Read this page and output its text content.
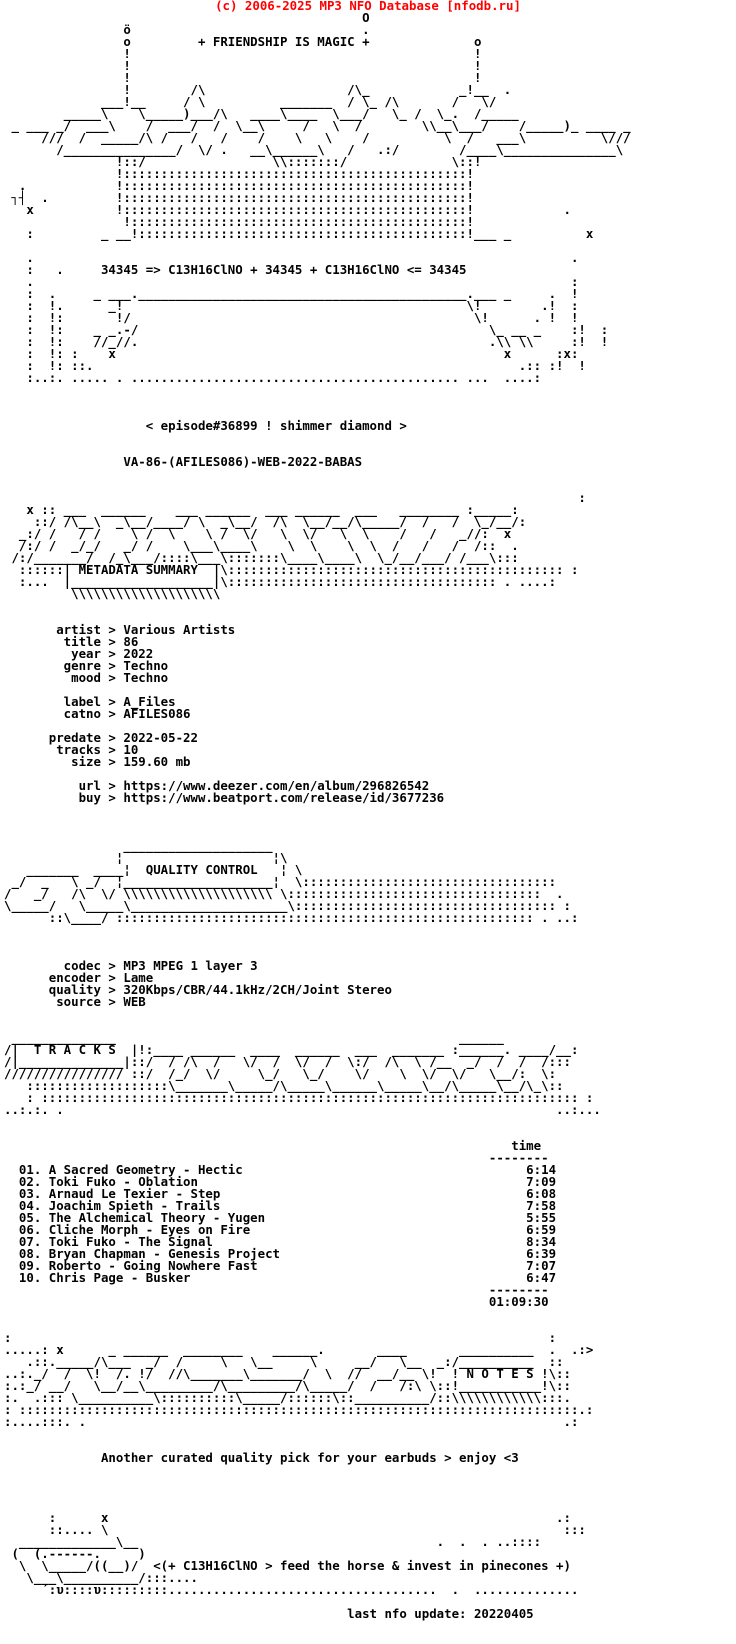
(c) 2006-2025 MP3 NFO Database [nfodb.ru]
O
ö                               .
o         + FRIENDSHIP IS MAGIC +              o
!                                              !
!                                              !
!                                              !
!        /\                   /\_            _!__  .
___!__     / \          _______  / \_ /\       /   \/
_____\    \_____)___/\   ____\____  \___/   \_ /  \_.  /_____
_ ___ _/  ___\    /  ___/  /  \__\     /   \  /        \\__\___/    /_____)_ ____ _
///  /  _____/\ /   /   /    /    \   \    /          \  /   ___\          \///
/_______________/  \/ .   __\______\   /   .:/        /____\_______________\
!::/                 \\:::::::/              \::!
!::::::::::::::::::::::::::::::::::::::::::::::!
.            !::::::::::::::::::::::::::::::::::::::::::::::!
┐┤  .         !::::::::::::::::::::::::::::::::::::::::::::::!
x           !::::::::::::::::::::::::::::::::::::::::::::::!            .
!:::::::::::::::::::::::::::::::::::::::::::::!
:         _ __!::::::::::::::::::::::::::::::::::::::::::::!___ _          x

.                                                                        .
:   .     34345 => C13H16ClNO + 34345 + C13H16ClNO <= 34345
.                                                                        :
:  .     _ ___.____________________________________________.___ _     .  !
:  !.      _!                                              \!        .!  :
:  !:       !/                                              \!      . !  !
:  !:    _ _.-/                                               \_ __ _    :!  :
:  !:    //_//.                                               .\\ \\     :!  !
:  !: :    x                                                    x      :x:
:  !: ::.                                                         .:: :!  !
:..:. ..... . ............................................ ...  ....:

< episode#36899 ! shimmer diamond >

VA-86-(AFILES086)-WEB-2022-BABAS

:
x :: ___  ______    ___ ______  ___ ______  ___   ________ :_____:
::/ /\__\  _\__/____/ \  _\__/  /\  \__/__/\_____/  /   /  \_/__/:
_:/ /   / /    \ /  \    \ /  \/   \  \/   \  \    /   /   _//:  x
/:/ /  _/_/   _/ /    \___\____\    \  \    \  \  /   /   /  /::  .
/:/_______/  /_\___/::::\___\:::::::\____\____\  \_/__/___/ /___\:::
::::::| METADATA SUMMARY  |\::::::::::::::::::::::::::::::::::::::::::::: :
:...  |___________________|\:::::::::::::::::::::::::::::::::::: . ....:
\\\\\\\\\\\\\\\\\\\\

artist > Various Artists
title > 86
year > 2022
genre > Techno
mood > Techno

label > A_Files
catno > AFILES086

predate > 2022-05-22
tracks > 10
size > 159.60 mb

url > https://www.deezer.com/en/album/296826542
buy > https://www.beatport.com/release/id/3677236

____________________
¦                    ¦\
_______  ____¦  QUALITY CONTROL   ¦ \
_/  _   \ _/  ¦____________________¦  \::::::::::::::::::::::::::::::::::
/   _/   /\  \/ \\\\\\\\\\\\\\\\\\\\ \::::::::::::::::::::::::::::::::::  .
\_____/   \_____\_____________________\::::::::::::::::::::::::::::::::::: :
::\____/ :::::::::::::::::::::::::::::::::::::::::::::::::::::::: . ..:

codec > MP3 MPEG 1 layer 3
encoder > Lame
quality > 320Kbps/CBR/44.1kHz/2CH/Joint Stereo
source > WEB

______________                                              ______
/|  T R A C K S  |!:____ ______  ____  ______  ___  _______ :______. ____/__:
/|______________|::/  / /\  /   \/  /  \/  /  \:/  /\  \ /__  _/  /  /  /:::
//////////////// ::/  /_/  \/     \_/   \_/    \/    \  \/  \/   \__/:  \:
:::::::::::::::::::\_______\_____/\_____\______\_____\__/\_____\__/\_\::
: :::::::::::::::::::::::::::::::::::::::::::::::::::::::::::::::::::::::: :
..:.:. .                                                                  ..:...

time
--------
01. A Sacred Geometry - Hectic                                      6:14
02. Toki Fuko - Oblation                                            7:09
03. Arnaud Le Texier - Step                                         6:08
04. Joachim Spieth - Trails                                         7:58
05. The Alchemical Theory - Yugen                                   5:55
06. Cliche Morph - Eyes on Fire                                     6:59
07. Toki Fuko - The Signal                                          8:34
08. Bryan Chapman - Genesis Project                                 6:39
09. Roberto - Going Nowhere Fast                                    7:07
10. Chris Page - Busker                                             6:47
--------
01:09:30

:                                                                        :
.....: x      _ ______  ________    ______.       ____       __________  .  .:>
.::._____/\___  _/  /     \   \__     \     __/   \__  _:/__________  ::
..:._/  /  \!  /. !/  //\_______\_______/  \  //  __/__ \!  ! N O T E S !\::
:.:_/ __/   \__/__\_________/\_________/\_____/  /   /:\ \::!___________!\::
:.  .::: \__________\::::::::::\_____/::::::\::__________/::\\\\\\\\\\\\:::.
: :::::::::::::::::::::::::::::::::::::::::::::::::::::::::::::::::::::::::::.:
:....:::. .                                                                .:

Another curated quality pick for your earbuds > enjoy <3

:      x                                                            .:
::.... \                                                             :::
_____________\__                                        .  .  . ..::::
(  (.------.     )
\  \_____/((__)/  <(+ C13H16ClNO > feed the horse & invest in pinecones +)
\___\__________/:::....
´:υ::::υ:::::::::....................................  .  ..............

last nfo update: 20220405
